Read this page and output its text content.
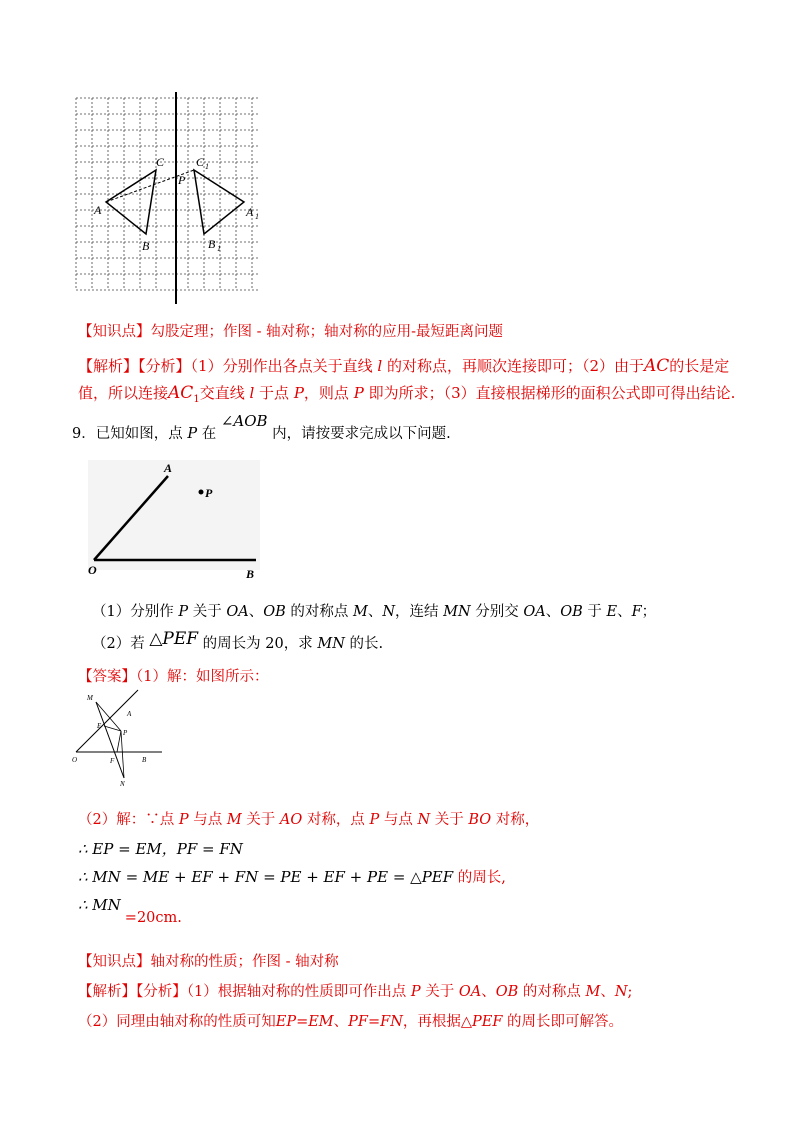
C
P
A
B
C 1
A 1
B 1
【知识点】勾股定理；作图 - 轴对称；轴对称的应用-最短距离问题
【解析】【分析】（1）分别作出各点关于直线 l 的对称点，再顺次连接即可；（2）由于AC的长是定
值，所以连接$AC_1$交直线 l 于点 P，则点 P 即为所求；（3）直接根据梯形的面积公式即可得出结论.
9．已知如图，点 P 在 ∠AOB 内，请按要求完成以下问题.
A
P
O	B
（1）分别作 P 关于 OA、OB 的对称点 M、N，连结 MN 分别交 OA、OB 于 E、F；
（2）若 △PEF 的周长为 20，求 MN 的长.
【答案】（1）解：如图所示：
M
E
A
P
O	F	B
N
（2）解：∵点 P 与点 M 关于 AO 对称，点 P 与点 N 关于 BO 对称，
∴ EP = EM，PF = FN
∴ MN = ME + EF + FN = PE + EF + PE = △PEF 的周长,
∴ MN=20cm.
【知识点】轴对称的性质；作图 - 轴对称
【解析】【分析】（1）根据轴对称的性质即可作出点 P 关于 OA、OB 的对称点 M、N;
（2）同理由轴对称的性质可知EP=EM、PF=FN，再根据△PEF 的周长即可解答。
